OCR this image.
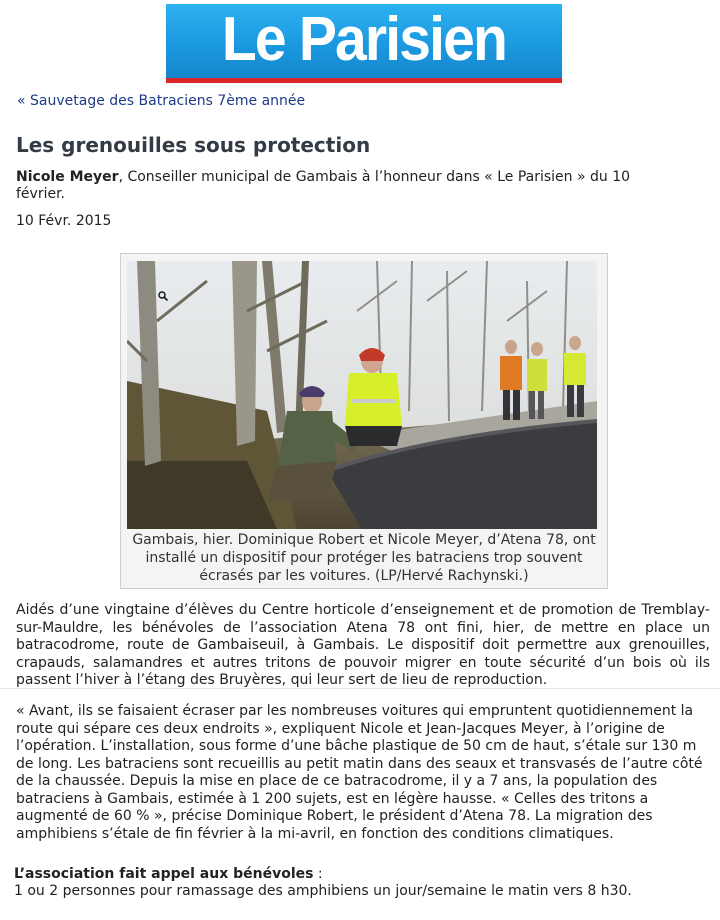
Le Parisien
« Sauvetage des Batraciens 7ème année
Les grenouilles sous protection
Nicole Meyer, Conseiller municipal de Gambais à l’honneur dans « Le Parisien » du 10 février.
10 Févr. 2015
Gambais, hier. Dominique Robert et Nicole Meyer, d’Atena 78, ont installé un dispositif pour protéger les batraciens trop souvent écrasés par les voitures. (LP/Hervé Rachynski.)

Aidés d’une vingtaine d’élèves du Centre horticole d’enseignement et de promotion de Tremblay-sur-Mauldre, les bénévoles de l’association Atena 78 ont fini, hier, de mettre en place un batracodrome, route de Gambaiseuil, à Gambais. Le dispositif doit permettre aux grenouilles, crapauds, salamandres et autres tritons de pouvoir migrer en toute sécurité d’un bois où ils passent l’hiver à l’étang des Bruyères, qui leur sert de lieu de reproduction.

« Avant, ils se faisaient écraser par les nombreuses voitures qui empruntent quotidiennement la route qui sépare ces deux endroits », expliquent Nicole et Jean-Jacques Meyer, à l’origine de l’opération. L’installation, sous forme d’une bâche plastique de 50 cm de haut, s’étale sur 130 m de long. Les batraciens sont recueillis au petit matin dans des seaux et transvasés de l’autre côté de la chaussée. Depuis la mise en place de ce batracodrome, il y a 7 ans, la population des batraciens à Gambais, estimée à 1 200 sujets, est en légère hausse. « Celles des tritons a augmenté de 60 % », précise Dominique Robert, le président d’Atena 78. La migration des amphibiens s’étale de fin février à la mi-avril, en fonction des conditions climatiques.

L’association fait appel aux bénévoles :
1 ou 2 personnes pour ramassage des amphibiens un jour/semaine le matin vers 8 h30.
